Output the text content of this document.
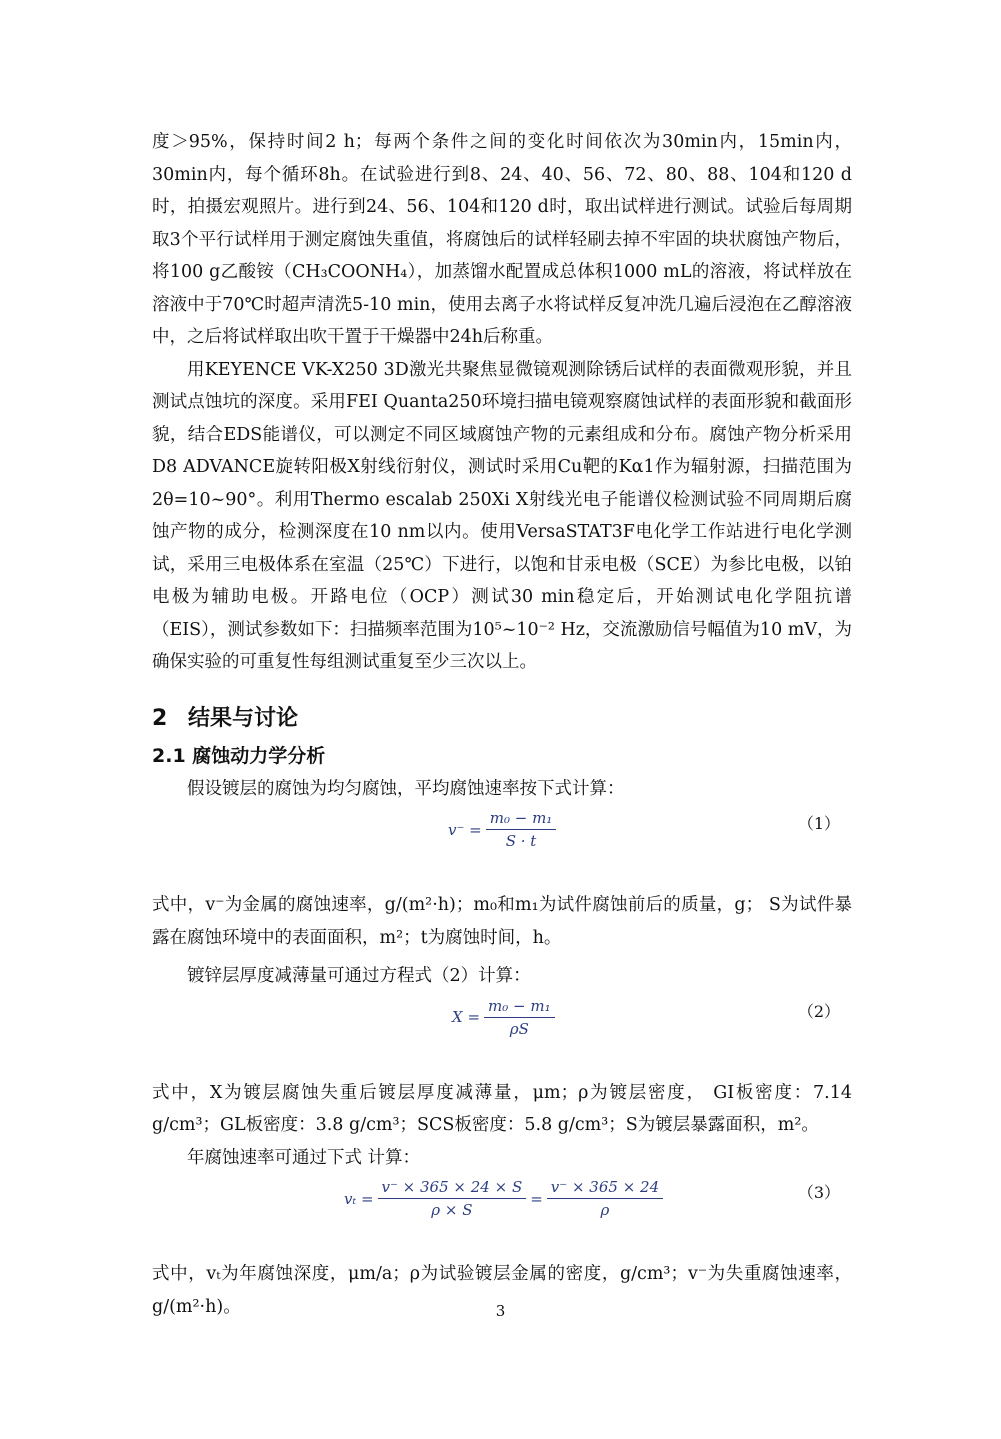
度＞95%，保持时间2 h；每两个条件之间的变化时间依次为30min内，15min内，30min内，每个循环8h。在试验进行到8、24、40、56、72、80、88、104和120 d时，拍摄宏观照片。进行到24、56、104和120 d时，取出试样进行测试。试验后每周期取3个平行试样用于测定腐蚀失重值，将腐蚀后的试样轻刷去掉不牢固的块状腐蚀产物后，将100 g乙酸铵（CH₃COONH₄），加蒸馏水配置成总体积1000 mL的溶液，将试样放在溶液中于70℃时超声清洗5-10 min，使用去离子水将试样反复冲洗几遍后浸泡在乙醇溶液中，之后将试样取出吹干置于干燥器中24h后称重。

用KEYENCE VK-X250 3D激光共聚焦显微镜观测除锈后试样的表面微观形貌，并且测试点蚀坑的深度。采用FEI Quanta250环境扫描电镜观察腐蚀试样的表面形貌和截面形貌，结合EDS能谱仪，可以测定不同区域腐蚀产物的元素组成和分布。腐蚀产物分析采用D8 ADVANCE旋转阳极X射线衍射仪，测试时采用Cu靶的Kα1作为辐射源，扫描范围为2θ=10~90°。利用Thermo escalab 250Xi X射线光电子能谱仪检测试验不同周期后腐蚀产物的成分，检测深度在10 nm以内。使用VersaSTAT3F电化学工作站进行电化学测试，采用三电极体系在室温（25℃）下进行，以饱和甘汞电极（SCE）为参比电极，以铂电极为辅助电极。开路电位（OCP）测试30 min稳定后，开始测试电化学阻抗谱（EIS），测试参数如下：扫描频率范围为10⁵~10⁻² Hz，交流激励信号幅值为10 mV，为确保实验的可重复性每组测试重复至少三次以上。

2 结果与讨论
2.1 腐蚀动力学分析

假设镀层的腐蚀为均匀腐蚀，平均腐蚀速率按下式计算：

$v^- = \frac{\text{m₀ − m₁}}{S \cdot t}$	（1）

式中，v⁻为金属的腐蚀速率，g/(m²·h)；m₀和m₁为试件腐蚀前后的质量，g； S为试件暴露在腐蚀环境中的表面面积，m²；t为腐蚀时间，h。

镀锌层厚度减薄量可通过方程式（2）计算：

$X = \frac{\text{m₀ − m₁}}{\rho S}$	（2）

式中，X为镀层腐蚀失重后镀层厚度减薄量，μm；ρ为镀层密度， GI板密度：7.14 g/cm³；GL板密度：3.8 g/cm³；SCS板密度：5.8 g/cm³；S为镀层暴露面积，m²。

年腐蚀速率可通过下式 计算：

$v_t = \frac{v^- \times 365 \times 24 \times S}{\rho \times S} = \frac{v^- \times 365 \times 24}{\rho}$	（3）

式中，vₜ为年腐蚀深度，μm/a；ρ为试验镀层金属的密度，g/cm³；v⁻为失重腐蚀速率，g/(m²·h)。	3
